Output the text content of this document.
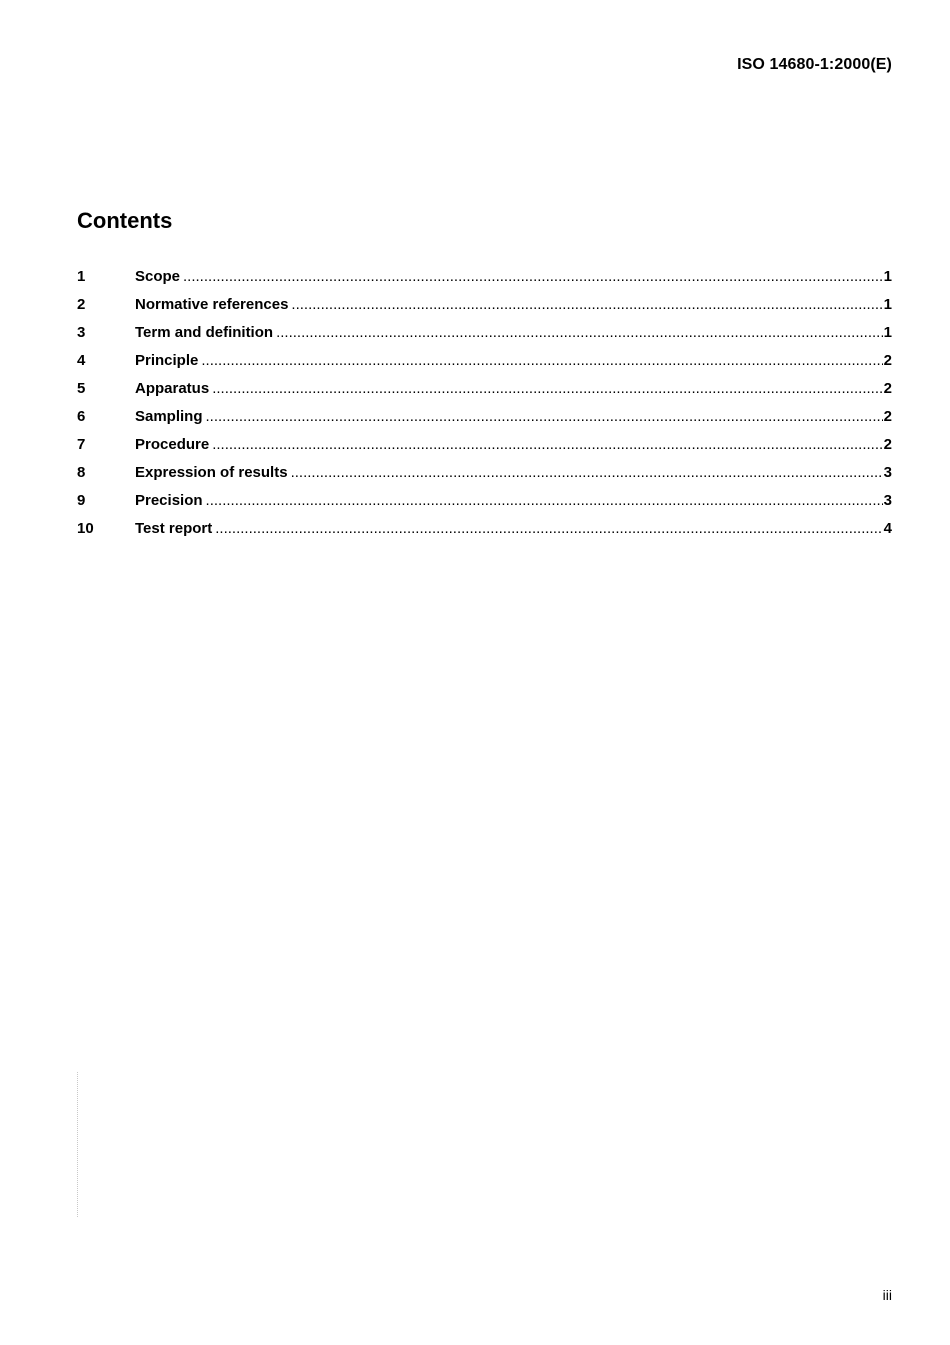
ISO 14680-1:2000(E)
Contents
1	Scope .....	1
2	Normative references .....	1
3	Term and definition .....	1
4	Principle .....	2
5	Apparatus .....	2
6	Sampling .....	2
7	Procedure .....	2
8	Expression of results .....	3
9	Precision .....	3
10	Test report .....	4
iii
